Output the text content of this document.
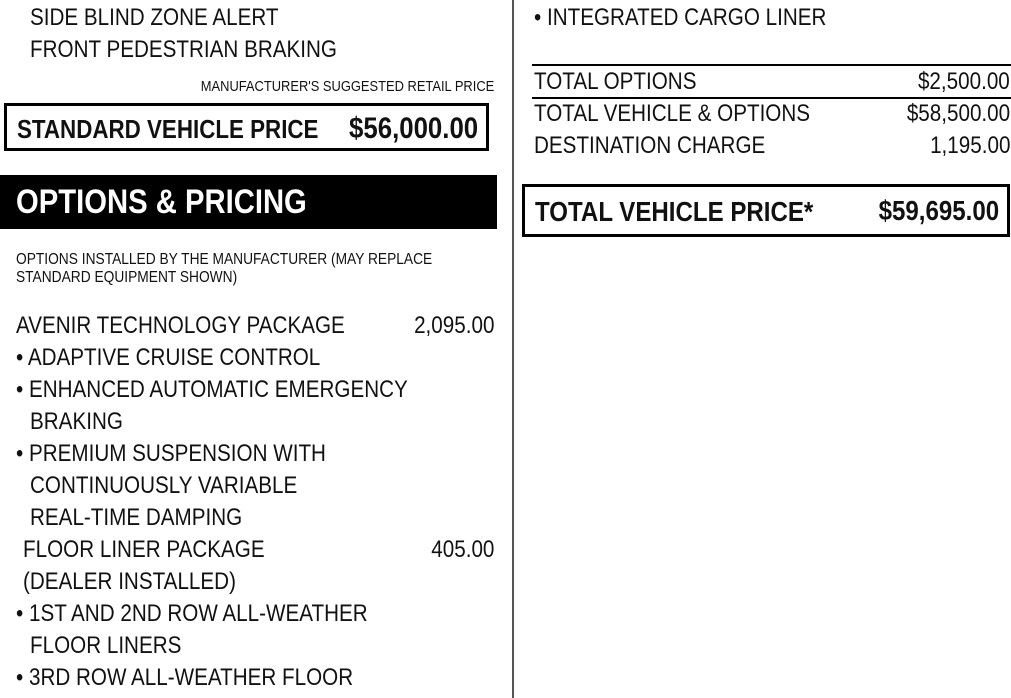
SIDE BLIND ZONE ALERT
FRONT PEDESTRIAN BRAKING
MANUFACTURER'S SUGGESTED RETAIL PRICE
STANDARD VEHICLE PRICE	$56,000.00
OPTIONS & PRICING
OPTIONS INSTALLED BY THE MANUFACTURER (MAY REPLACE
STANDARD EQUIPMENT SHOWN)
AVENIR TECHNOLOGY PACKAGE	2,095.00
• ADAPTIVE CRUISE CONTROL
• ENHANCED AUTOMATIC EMERGENCY
BRAKING
• PREMIUM SUSPENSION WITH
CONTINUOUSLY VARIABLE
REAL-TIME DAMPING
FLOOR LINER PACKAGE	405.00
(DEALER INSTALLED)
• 1ST AND 2ND ROW ALL-WEATHER
FLOOR LINERS
• 3RD ROW ALL-WEATHER FLOOR
• INTEGRATED CARGO LINER
TOTAL OPTIONS	$2,500.00
TOTAL VEHICLE & OPTIONS	$58,500.00
DESTINATION CHARGE	1,195.00
TOTAL VEHICLE PRICE*	$59,695.00
